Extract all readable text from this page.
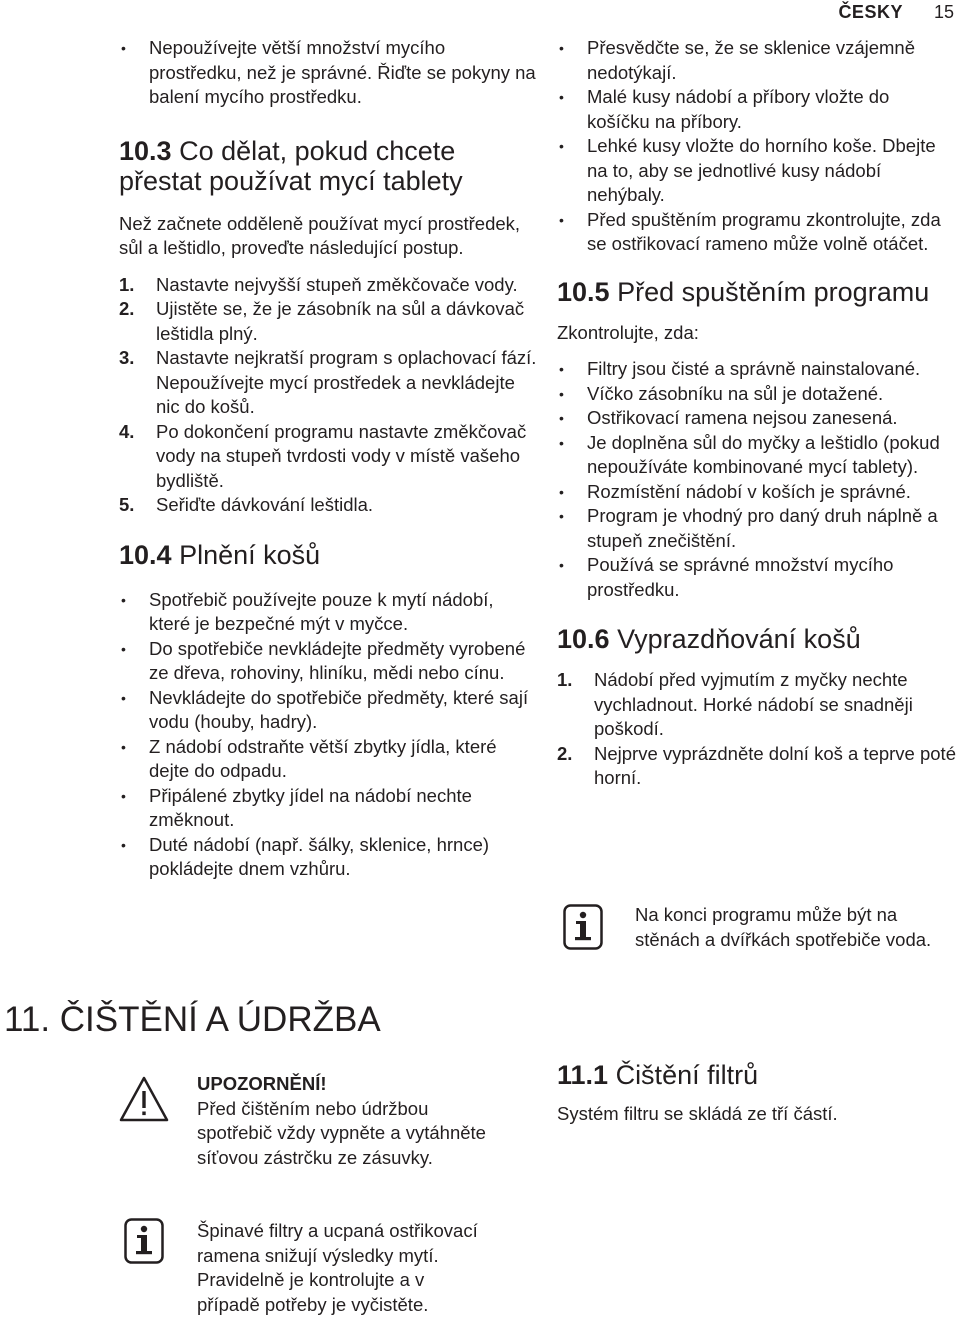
ČESKY 15
• Nepoužívejte větší množství mycího prostředku, než je správné. Řiďte se pokyny na balení mycího prostředku.
10.3 Co dělat, pokud chcete přestat používat mycí tablety
Než začnete odděleně používat mycí prostředek, sůl a leštidlo, proveďte následující postup.
1. Nastavte nejvyšší stupeň změkčovače vody.
2. Ujistěte se, že je zásobník na sůl a dávkovač leštidla plný.
3. Nastavte nejkratší program s oplachovací fází. Nepoužívejte mycí prostředek a nevkládejte nic do košů.
4. Po dokončení programu nastavte změkčovač vody na stupeň tvrdosti vody v místě vašeho bydliště.
5. Seřiďte dávkování leštidla.
10.4 Plnění košů
• Spotřebič používejte pouze k mytí nádobí, které je bezpečné mýt v myčce.
• Do spotřebiče nevkládejte předměty vyrobené ze dřeva, rohoviny, hliníku, mědi nebo cínu.
• Nevkládejte do spotřebiče předměty, které sají vodu (houby, hadry).
• Z nádobí odstraňte větší zbytky jídla, které dejte do odpadu.
• Připálené zbytky jídel na nádobí nechte změknout.
• Duté nádobí (např. šálky, sklenice, hrnce) pokládejte dnem vzhůru.
11. ČIŠTĚNÍ A ÚDRŽBA
UPOZORNĚNÍ!
Před čištěním nebo údržbou spotřebič vždy vypněte a vytáhněte síťovou zástrčku ze zásuvky.
Špinavé filtry a ucpaná ostřikovací ramena snižují výsledky mytí. Pravidelně je kontrolujte a v případě potřeby je vyčistěte.
• Přesvědčte se, že se sklenice vzájemně nedotýkají.
• Malé kusy nádobí a příbory vložte do košíčku na příbory.
• Lehké kusy vložte do horního koše. Dbejte na to, aby se jednotlivé kusy nádobí nehýbaly.
• Před spuštěním programu zkontrolujte, zda se ostřikovací rameno může volně otáčet.
10.5 Před spuštěním programu
Zkontrolujte, zda:
• Filtry jsou čisté a správně nainstalované.
• Víčko zásobníku na sůl je dotažené.
• Ostřikovací ramena nejsou zanesená.
• Je doplněna sůl do myčky a leštidlo (pokud nepoužíváte kombinované mycí tablety).
• Rozmístění nádobí v koších je správné.
• Program je vhodný pro daný druh náplně a stupeň znečištění.
• Používá se správné množství mycího prostředku.
10.6 Vyprazdňování košů
1. Nádobí před vyjmutím z myčky nechte vychladnout. Horké nádobí se snadněji poškodí.
2. Nejprve vyprázdněte dolní koš a teprve poté horní.
Na konci programu může být na stěnách a dvířkách spotřebiče voda.
11.1 Čištění filtrů
Systém filtru se skládá ze tří částí.
